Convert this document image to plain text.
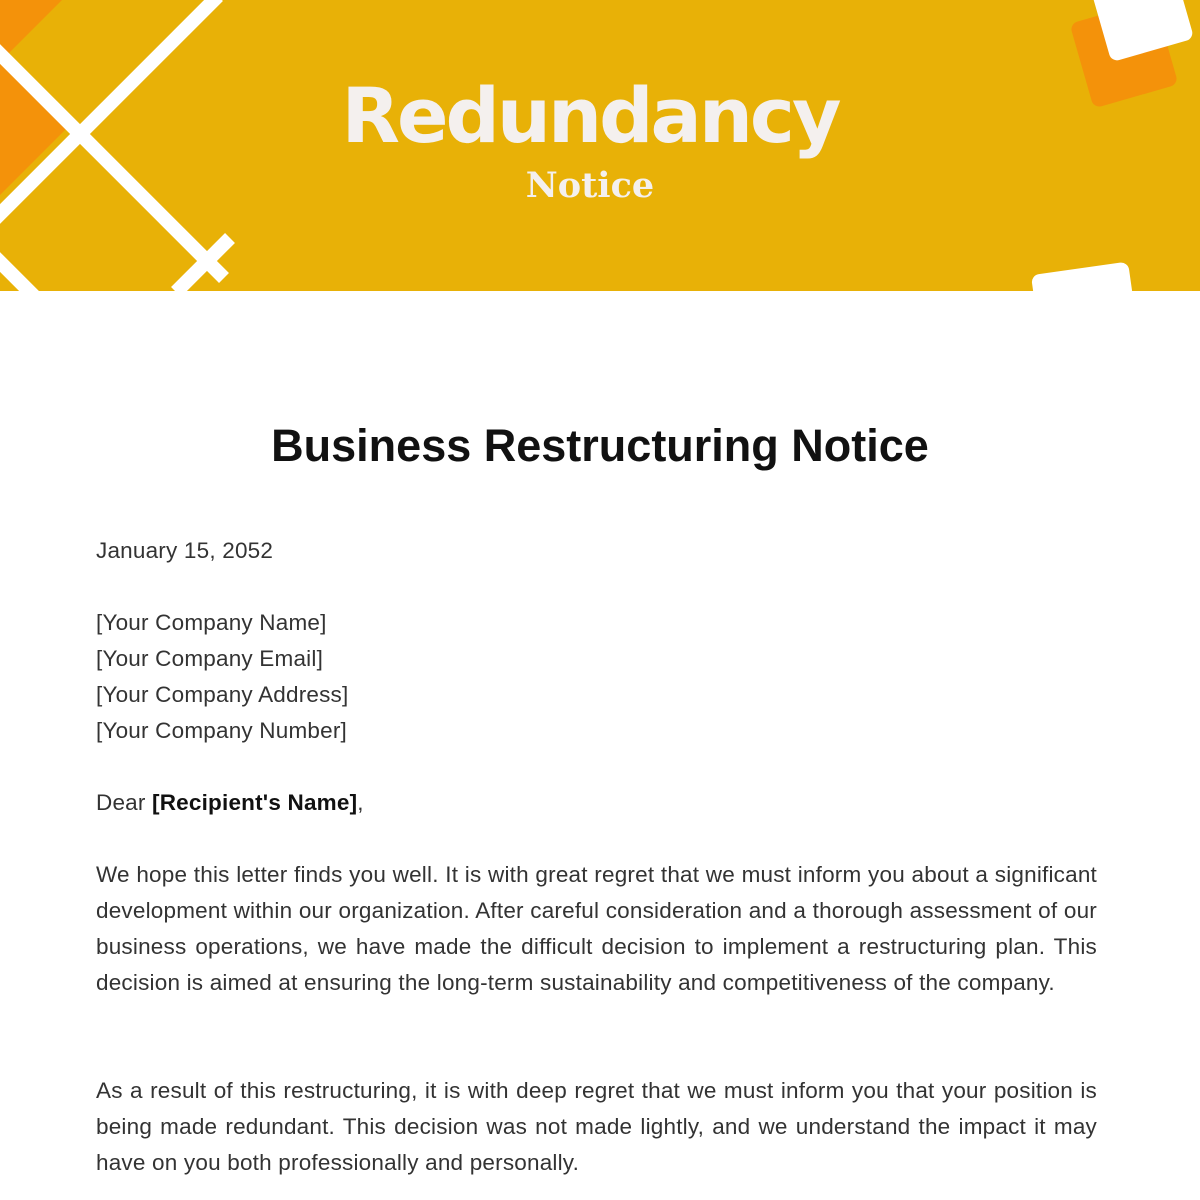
Redundancy
Notice
Business Restructuring Notice
January 15, 2052
[Your Company Name]
[Your Company Email]
[Your Company Address]
[Your Company Number]
Dear [Recipient's Name],

We hope this letter finds you well. It is with great regret that we must inform you about a significant development within our organization. After careful consideration and a thorough assessment of our business operations, we have made the difficult decision to implement a restructuring plan. This decision is aimed at ensuring the long-term sustainability and competitiveness of the company.

As a result of this restructuring, it is with deep regret that we must inform you that your position is being made redundant. This decision was not made lightly, and we understand the impact it may have on you both professionally and personally.
